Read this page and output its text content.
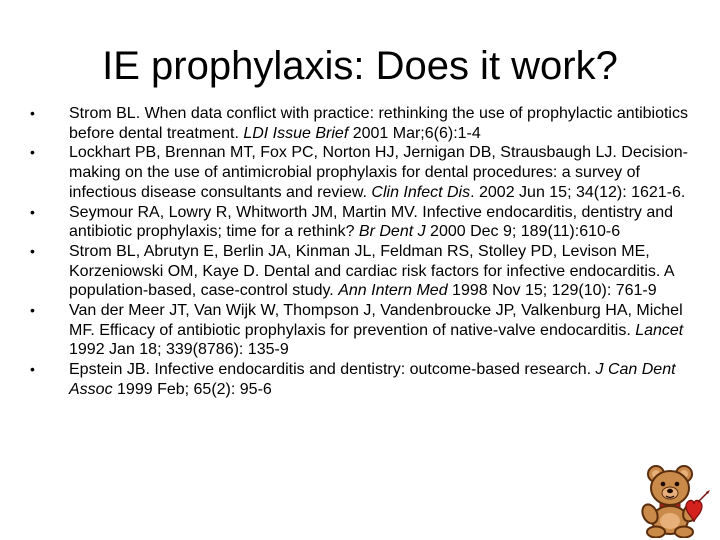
IE prophylaxis: Does it work?
• Strom BL. When data conflict with practice: rethinking the use of prophylactic antibiotics before dental treatment. LDI Issue Brief 2001 Mar;6(6):1-4
• Lockhart PB, Brennan MT, Fox PC, Norton HJ, Jernigan DB, Strausbaugh LJ. Decision-making on the use of antimicrobial prophylaxis for dental procedures: a survey of infectious disease consultants and review. Clin Infect Dis. 2002 Jun 15; 34(12): 1621-6.
• Seymour RA, Lowry R, Whitworth JM, Martin MV. Infective endocarditis, dentistry and antibiotic prophylaxis; time for a rethink? Br Dent J 2000 Dec 9; 189(11):610-6
• Strom BL, Abrutyn E, Berlin JA, Kinman JL, Feldman RS, Stolley PD, Levison ME, Korzeniowski OM, Kaye D. Dental and cardiac risk factors for infective endocarditis. A population-based, case-control study. Ann Intern Med 1998 Nov 15; 129(10): 761-9
• Van der Meer JT, Van Wijk W, Thompson J, Vandenbroucke JP, Valkenburg HA, Michel MF. Efficacy of antibiotic prophylaxis for prevention of native-valve endocarditis. Lancet 1992 Jan 18; 339(8786): 135-9
• Epstein JB. Infective endocarditis and dentistry: outcome-based research. J Can Dent Assoc 1999 Feb; 65(2): 95-6
